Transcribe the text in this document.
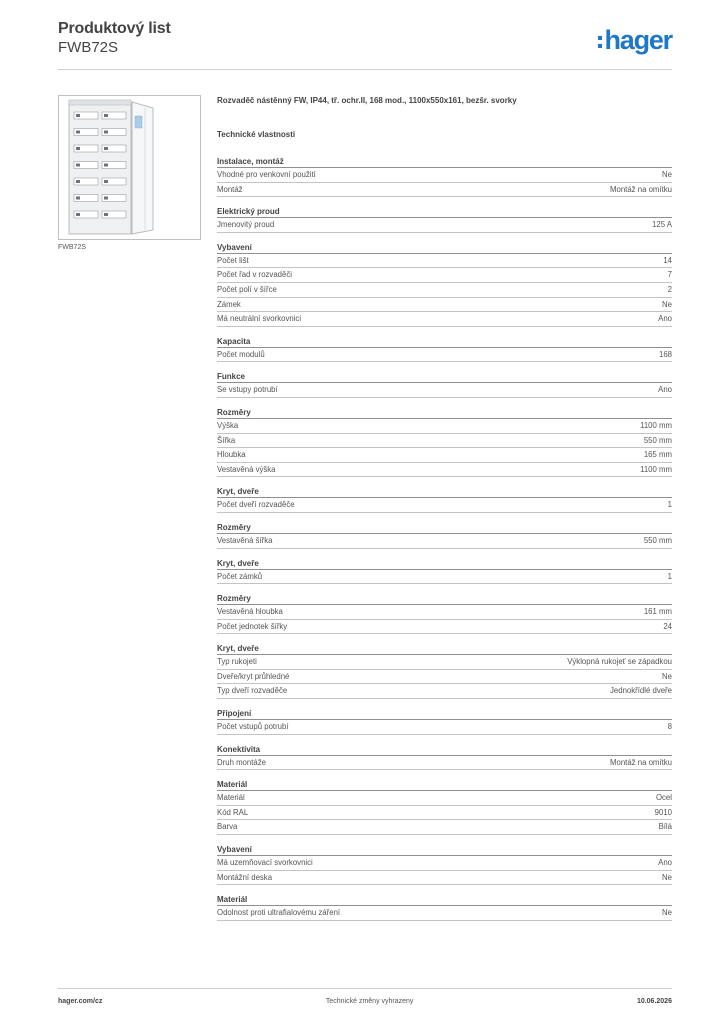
Produktový list
FWB72S	hager
FWB72S
Rozvaděč nástěnný FW, IP44, tř. ochr.II, 168 mod., 1100x550x161, bezšr. svorky
Technické vlastnosti
Instalace, montáž
Vhodné pro venkovní použití	Ne
Montáž	Montáž na omítku
Elektrický proud
Jmenovitý proud	125 A
Vybavení
Počet lišt	14
Počet řad v rozvaděči	7
Počet polí v šířce	2
Zámek	Ne
Má neutrální svorkovnici	Ano
Kapacita
Počet modulů	168
Funkce
Se vstupy potrubí	Ano
Rozměry
Výška	1100 mm
Šířka	550 mm
Hloubka	165 mm
Vestavěná výška	1100 mm
Kryt, dveře
Počet dveří rozvaděče	1
Rozměry
Vestavěná šířka	550 mm
Kryt, dveře
Počet zámků	1
Rozměry
Vestavěná hloubka	161 mm
Počet jednotek šířky	24
Kryt, dveře
Typ rukojeti	Výklopná rukojeť se západkou
Dveře/kryt průhledné	Ne
Typ dveří rozvaděče	Jednokřídlé dveře
Připojení
Počet vstupů potrubí	8
Konektivita
Druh montáže	Montáž na omítku
Materiál
Materiál	Ocel
Kód RAL	9010
Barva	Bílá
Vybavení
Má uzemňovací svorkovnici	Ano
Montážní deska	Ne
Materiál
Odolnost proti ultrafialovému záření	Ne
hager.com/cz	Technické změny vyhrazeny	10.06.2026
